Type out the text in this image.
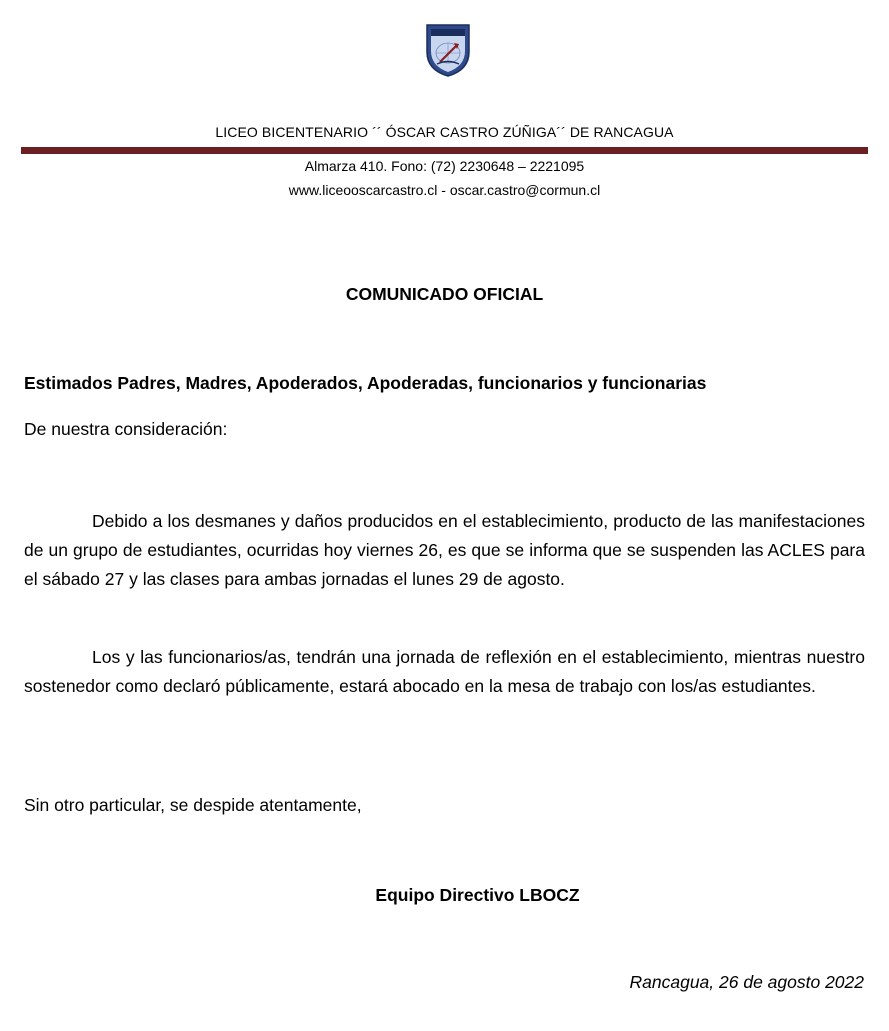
LICEO BICENTENARIO ´´ ÓSCAR CASTRO ZÚÑIGA´´ DE RANCAGUA
Almarza 410. Fono: (72) 2230648 – 2221095
www.liceooscarcastro.cl - oscar.castro@cormun.cl
COMUNICADO OFICIAL
Estimados Padres, Madres, Apoderados, Apoderadas, funcionarios y funcionarias
De nuestra consideración:
Debido a los desmanes y daños producidos en el establecimiento, producto de las manifestaciones de un grupo de estudiantes, ocurridas hoy viernes 26, es que se informa que se suspenden las ACLES para el sábado 27 y las clases para ambas jornadas el lunes 29 de agosto.
Los y las funcionarios/as, tendrán una jornada de reflexión en el establecimiento, mientras nuestro sostenedor como declaró públicamente, estará abocado en la mesa de trabajo con los/as estudiantes.
Sin otro particular, se despide atentamente,
Equipo Directivo LBOCZ
Rancagua, 26 de agosto 2022
